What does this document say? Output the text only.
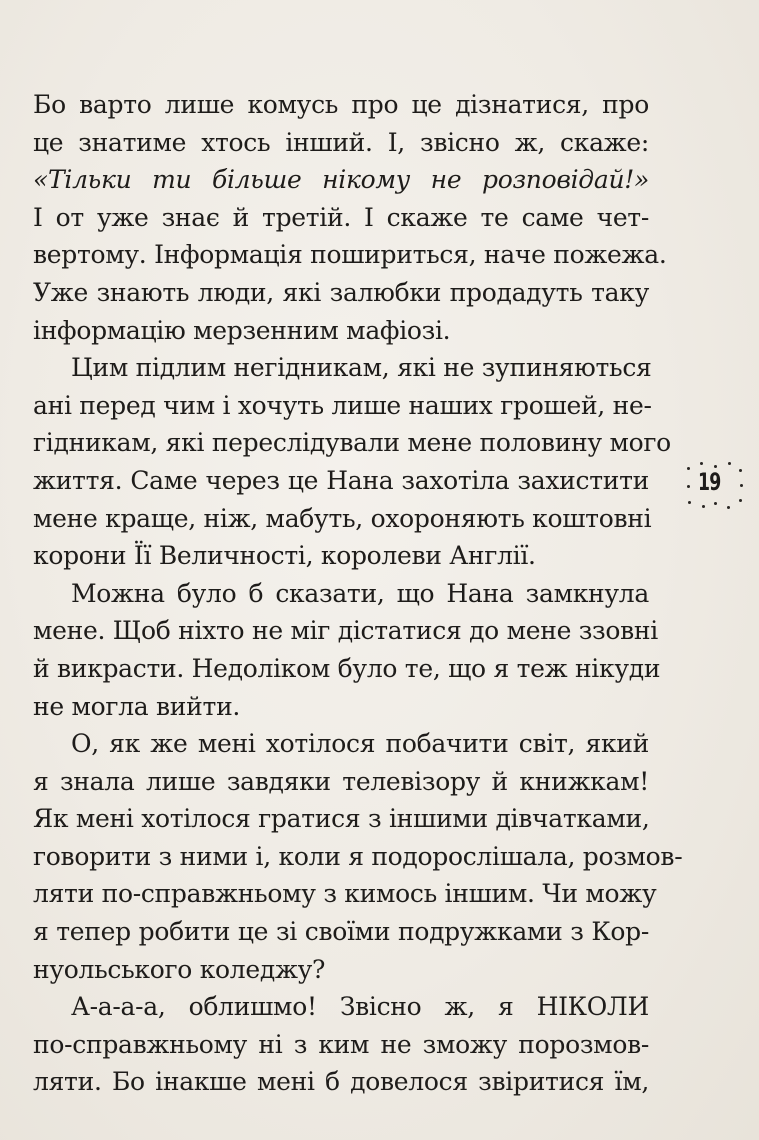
Бо варто лише комусь про це дізнатися, про
це знатиме хтось інший. І, звісно ж, скаже:
«Тільки ти більше нікому не розповідай!»
І от уже знає й третій. І скаже те саме чет-
вертому. Інформація пошириться, наче пожежа.
Уже знають люди, які залюбки продадуть таку
інформацію мерзенним мафіозі.
Цим підлим негідникам, які не зупиняються
ані перед чим і хочуть лише наших грошей, не-
гідникам, які переслідували мене половину мого
життя. Саме через це Нана захотіла захистити
мене краще, ніж, мабуть, охороняють коштовні
корони Її Величності, королеви Англії.
Можна було б сказати, що Нана замкнула
мене. Щоб ніхто не міг дістатися до мене ззовні
й викрасти. Недоліком було те, що я теж нікуди
не могла вийти.
О, як же мені хотілося побачити світ, який
я знала лише завдяки телевізору й книжкам!
Як мені хотілося гратися з іншими дівчатками,
говорити з ними і, коли я подорослішала, розмов-
ляти по-справжньому з кимось іншим. Чи можу
я тепер робити це зі своїми подружками з Кор-
нуольського коледжу?
А-а-а-а, облишмо! Звісно ж, я НІКОЛИ
по-справжньому ні з ким не зможу порозмов-
ляти. Бо інакше мені б довелося звіритися їм,
19
